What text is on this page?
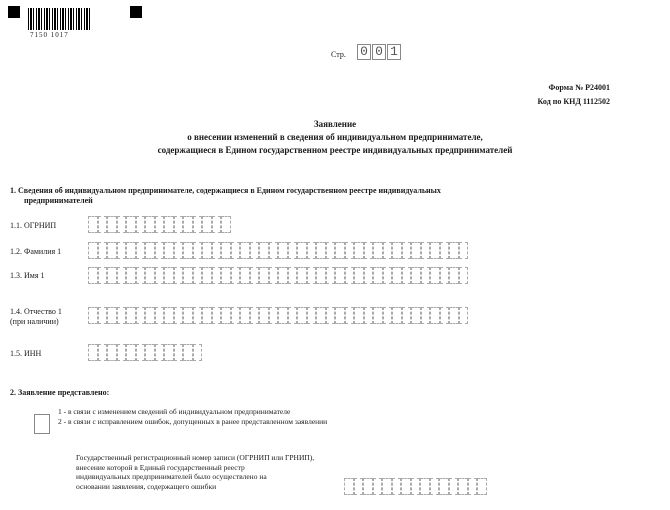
7150 1017
Стр. 0 0 1
Форма № Р24001
Код по КНД 1112502
Заявление
о внесении изменений в сведения об индивидуальном предпринимателе,
содержащиеся в Едином государственном реестре индивидуальных предпринимателей
1. Сведения об индивидуальном предпринимателе, содержащиеся в Едином государственном реестре индивидуальных
предпринимателей
1.1. ОГРНИП
1.2. Фамилия 1
1.3. Имя 1
1.4. Отчество 1
(при наличии)
1.5. ИНН
2. Заявление представлено:
1 - в связи с изменением сведений об индивидуальном предпринимателе
2 - в связи с исправлением ошибок, допущенных в ранее представленном заявлении
Государственный регистрационный номер записи (ОГРНИП или ГРНИП),
внесение которой в Единый государственный реестр
индивидуальных предпринимателей было осуществлено на
основании заявления, содержащего ошибки
